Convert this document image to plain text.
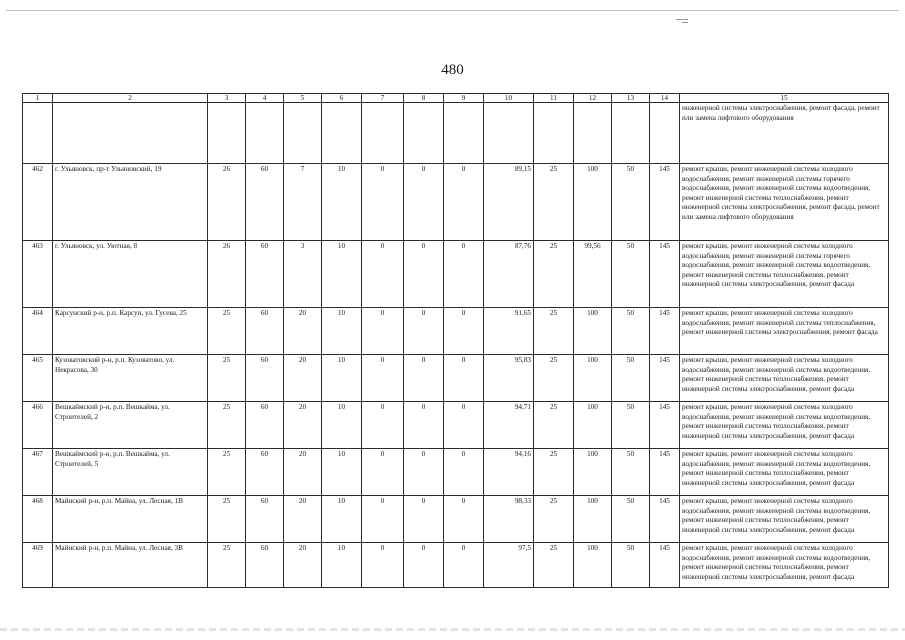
480
1	2	3	4	5	6	7	8	9	10	11	12	13	14	15
														инженерной системы электроснабжения, ремонт фасада, ремонт или замена лифтового оборудования
462	г. Ульяновск, пр-т Ульяновский, 19	26	60	7	10	0	0	0	89,15	25	100	50	145	ремонт крыши, ремонт инженерной системы холодного водоснабжения, ремонт инженерной системы горячего водоснабжения, ремонт инженерной системы водоотведения, ремонт инженерной системы теплоснабжения, ремонт инженерной системы электроснабжения, ремонт фасада, ремонт или замена лифтового оборудования
463	г. Ульяновск, ул. Уютная, 8	26	60	3	10	0	0	0	87,76	25	99,56	50	145	ремонт крыши, ремонт инженерной системы холодного водоснабжения, ремонт инженерной системы горячего водоснабжения, ремонт инженерной системы водоотведения, ремонт инженерной системы теплоснабжения, ремонт инженерной системы электроснабжения, ремонт фасада
464	Карсунский р-н, р.п. Карсун, ул. Гусева, 25	25	60	20	10	0	0	0	91,65	25	100	50	145	ремонт крыши, ремонт инженерной системы холодного водоснабжения, ремонт инженерной системы теплоснабжения, ремонт инженерной системы электроснабжения, ремонт фасада
465	Кузоватовский р-н, р.п. Кузоватово, ул. Некрасова, 30	25	60	20	10	0	0	0	95,83	25	100	50	145	ремонт крыши, ремонт инженерной системы холодного водоснабжения, ремонт инженерной системы водоотведения, ремонт инженерной системы теплоснабжения, ремонт инженерной системы электроснабжения, ремонт фасада
466	Вешкаймский р-н, р.п. Вешкайма, ул. Строителей, 2	25	60	20	10	0	0	0	94,71	25	100	50	145	ремонт крыши, ремонт инженерной системы холодного водоснабжения, ремонт инженерной системы водоотведения, ремонт инженерной системы теплоснабжения, ремонт инженерной системы электроснабжения, ремонт фасада
467	Вешкаймский р-н, р.п. Вешкайма, ул. Строителей, 5	25	60	20	10	0	0	0	94,16	25	100	50	145	ремонт крыши, ремонт инженерной системы холодного водоснабжения, ремонт инженерной системы водоотведения, ремонт инженерной системы теплоснабжения, ремонт инженерной системы электроснабжения, ремонт фасада
468	Майнский р-н, р.п. Майна, ул. Лесная, 1В	25	60	20	10	0	0	0	98,33	25	100	50	145	ремонт крыши, ремонт инженерной системы холодного водоснабжения, ремонт инженерной системы водоотведения, ремонт инженерной системы теплоснабжения, ремонт инженерной системы электроснабжения, ремонт фасада
469	Майнский р-н, р.п. Майна, ул. Лесная, 3В	25	60	20	10	0	0	0	97,5	25	100	50	145	ремонт крыши, ремонт инженерной системы холодного водоснабжения, ремонт инженерной системы водоотведения, ремонт инженерной системы теплоснабжения, ремонт инженерной системы электроснабжения, ремонт фасада
